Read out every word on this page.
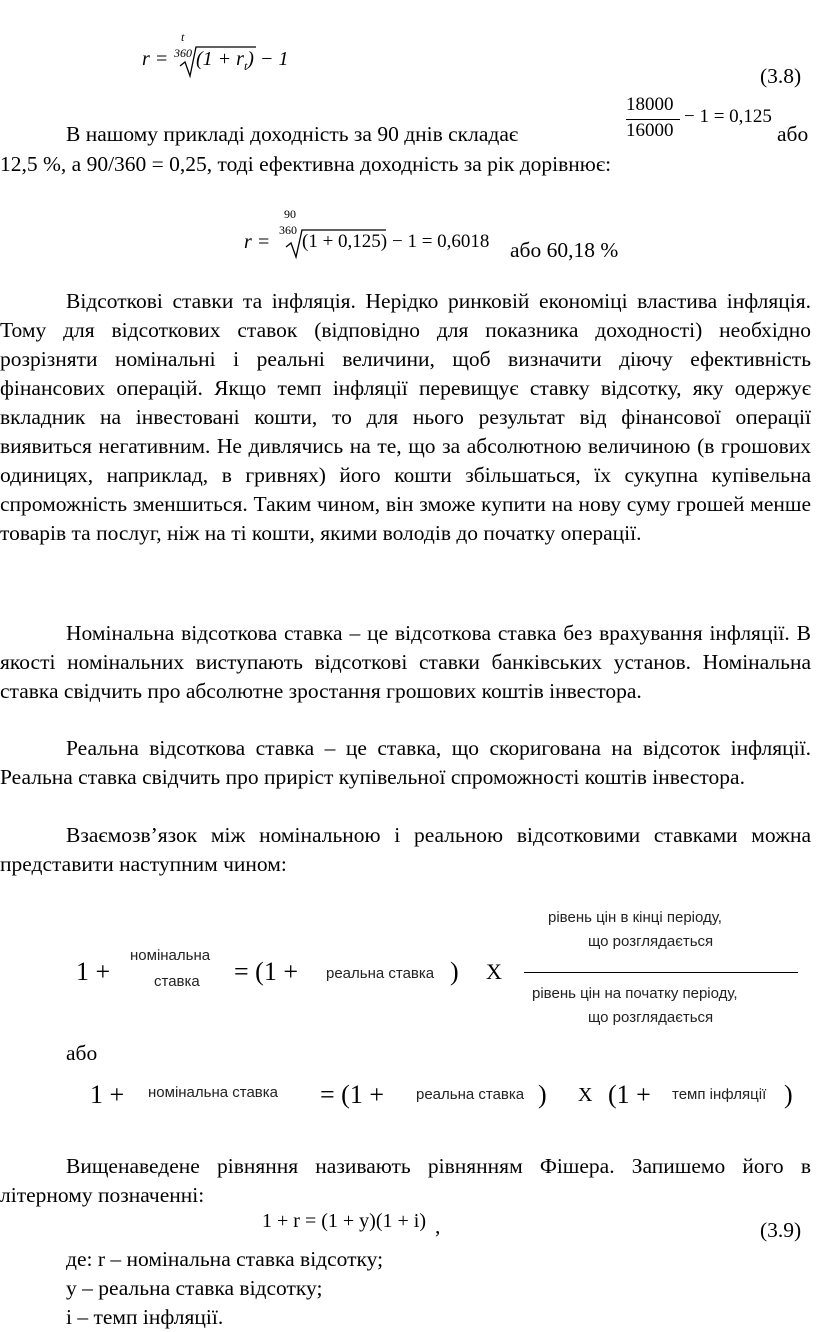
r =
t
360 $(1 + r_t) - 1$
(3.8)
В нашому прикладі доходність за 90 днів складає
18000
16000
− 1 = 0,125
або
12,5 %, а 90/360 = 0,25, тоді ефективна доходність за рік дорівнює:
r =
90
360
(1 + 0,125) − 1 = 0,6018 або 60,18 %

Відсоткові ставки та інфляція. Нерідко ринковій економіці властива інфляція. Тому для відсоткових ставок (відповідно для показника доходності) необхідно розрізняти номінальні і реальні величини, щоб визначити діючу ефективність фінансових операцій. Якщо темп інфляції перевищує ставку відсотку, яку одержує вкладник на інвестовані кошти, то для нього результат від фінансової операції виявиться негативним. Не дивлячись на те, що за абсолютною величиною (в грошових одиницях, наприклад, в гривнях) його кошти збільшаться, їх сукупна купівельна спроможність зменшиться. Таким чином, він зможе купити на нову суму грошей менше товарів та послуг, ніж на ті кошти, якими володів до початку операції.

Номінальна відсоткова ставка – це відсоткова ставка без врахування інфляції. В якості номінальних виступають відсоткові ставки банківських установ. Номінальна ставка свідчить про абсолютне зростання грошових коштів інвестора.

Реальна відсоткова ставка – це ставка, що скоригована на відсоток інфляції. Реальна ставка свідчить про приріст купівельної спроможності коштів інвестора.

Взаємозв’язок між номінальною і реальною відсотковими ставками можна представити наступним чином:

1 +
номінальна
ставка = (1 + реальна ставка ) X
рівень цін в кінці періоду,
що розглядається
рівень цін на початку періоду,
що розглядається
або
1 + номінальна ставка = (1 + реальна ставка ) X (1 + темп інфляції )

Вищенаведене рівняння називають рівнянням Фішера. Запишемо його в літерному позначенні:

1 + r = (1 + y)(1 + i) ,	(3.9)
де: r – номінальна ставка відсотку;
y – реальна ставка відсотку;
і – темп інфляції.
